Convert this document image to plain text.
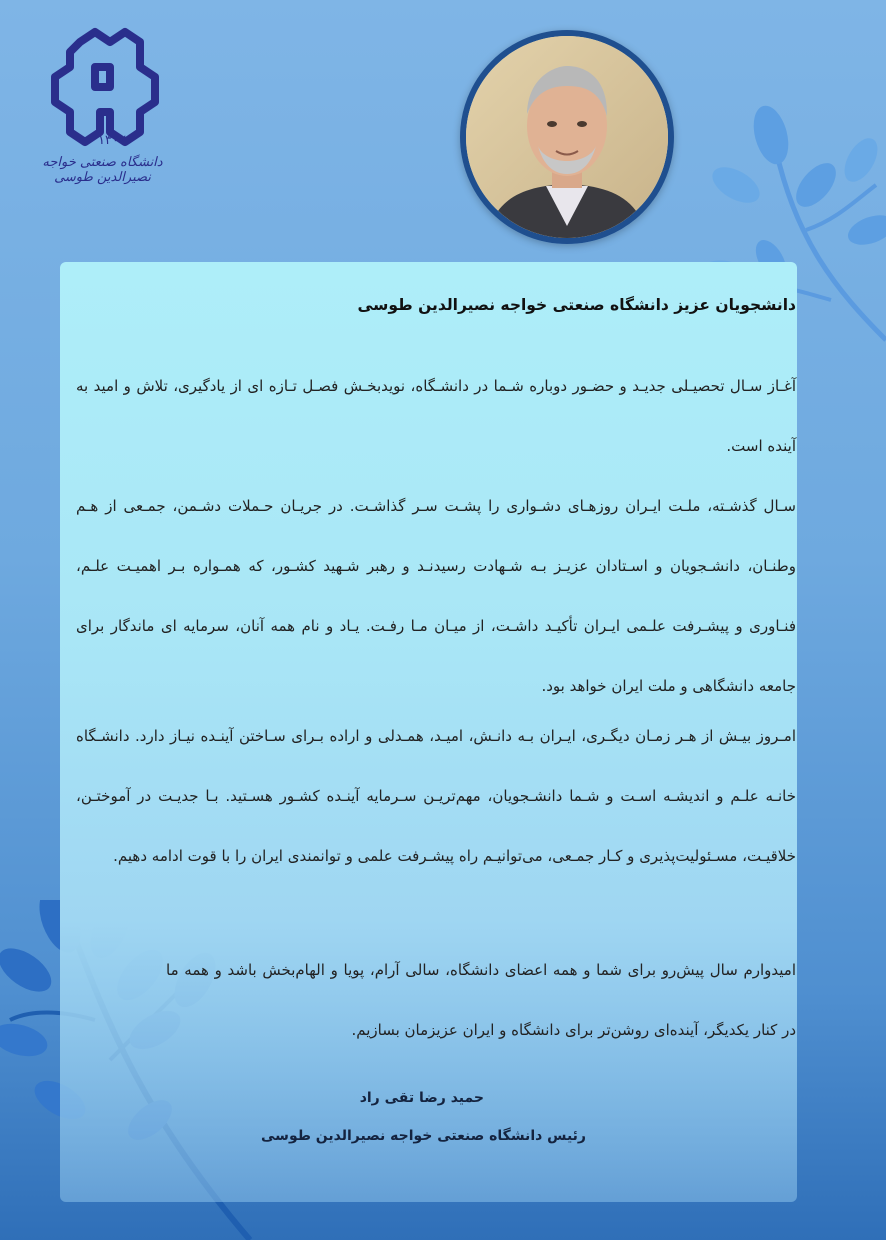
۱۳۰۷
دانشگاه صنعتی خواجه نصیرالدین طوسی
دانشجویان عزیز دانشگاه صنعتی خواجه نصیرالدین طوسی

آغـاز سـال تحصیـلی جدیـد و حضـور دوباره شـما در دانشـگاه، نویدبخـش فصـل تـازه ای از یادگیری، تلاش و امید به آینده است.

سـال گذشـته، ملـت ایـران روزهـای دشـواری را پشـت سـر گذاشـت. در جریـان حـملات دشـمن، جمـعی از هـم وطنـان، دانشـجویان و اسـتادان عزیـز بـه شـهادت رسیدنـد و رهبر شـهید کشـور، که همـواره بـر اهمیـت علـم، فنـاوری و پیشـرفت علـمی ایـران تأکیـد داشـت، از میـان مـا رفـت. یـاد و نام همه آنان، سرمایه ای ماندگار برای جامعه دانشگاهی و ملت ایران خواهد بود.

امـروز بیـش از هـر زمـان دیگـری، ایـران بـه دانـش، امیـد، همـدلی و اراده بـرای سـاختن آینـده نیـاز دارد. دانشـگاه خانـه علـم و اندیشـه اسـت و شـما دانشـجویان، مهم‌تریـن سـرمایه آینـده کشـور هسـتید. بـا جدیـت در آموختـن، خلاقیـت، مسـئولیت‌پذیری و کـار جمـعی، می‌توانیـم راه پیشـرفت علمی و توانمندی ایران را با قوت ادامه دهیم.

امیدوارم سال پیش‌رو برای شما و همه اعضای دانشگاه، سالی آرام، پویا و الهام‌بخش باشد و همه ما در کنار یکدیگر، آینده‌ای روشن‌تر برای دانشگاه و ایران عزیزمان بسازیم.

حمید رضا تقی راد
رئیس دانشگاه صنعتی خواجه نصیرالدین طوسی
